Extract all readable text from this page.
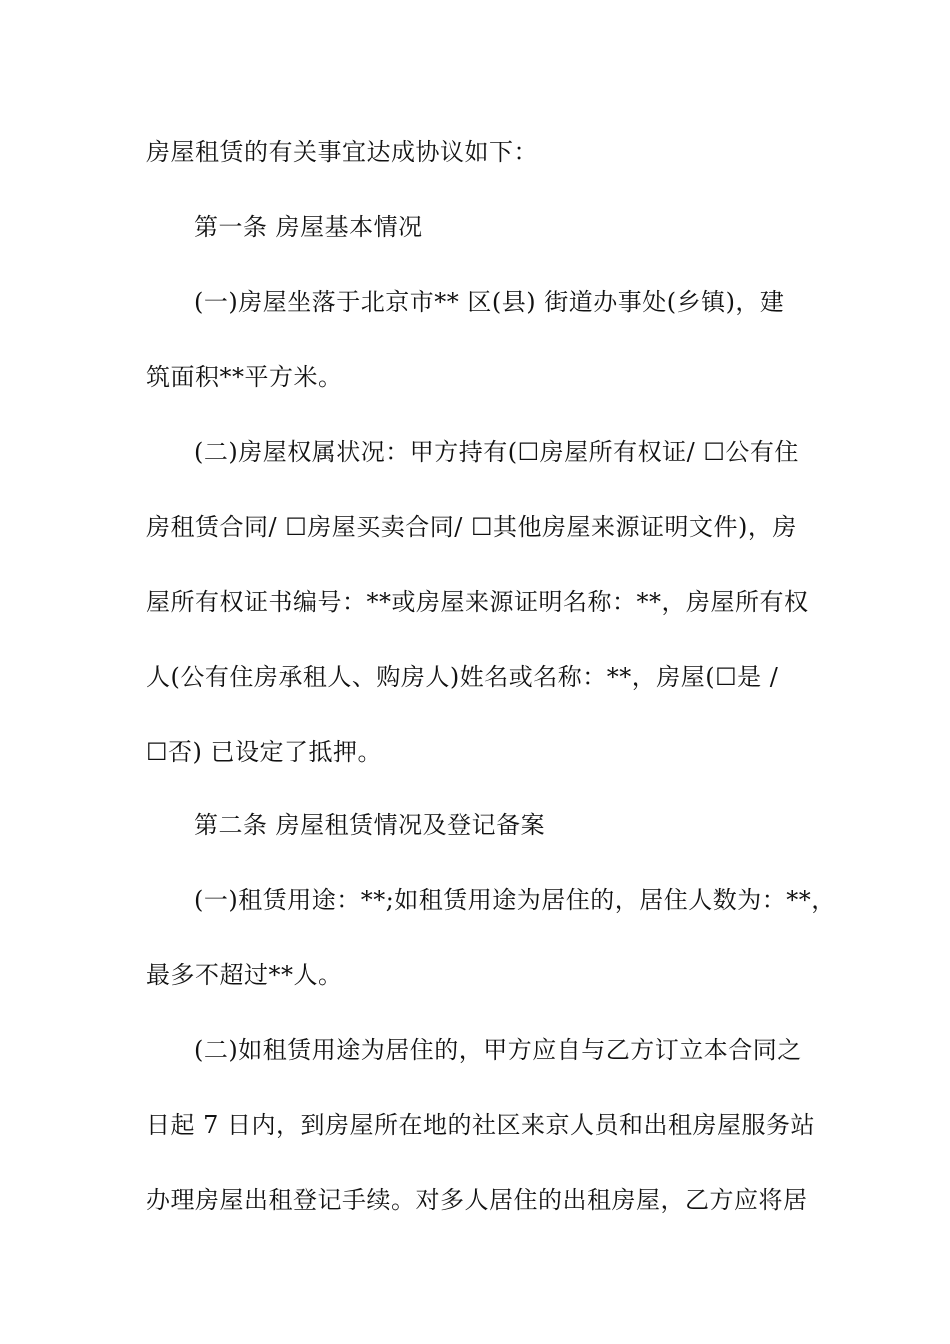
房屋租赁的有关事宜达成协议如下：
第一条 房屋基本情况
(一)房屋坐落于北京市** 区(县) 街道办事处(乡镇)，建
筑面积**平方米。
(二)房屋权属状况：甲方持有(☐房屋所有权证/ ☐公有住
房租赁合同/ ☐房屋买卖合同/ ☐其他房屋来源证明文件)，房
屋所有权证书编号：**或房屋来源证明名称：**，房屋所有权
人(公有住房承租人、购房人)姓名或名称：**，房屋(☐是 /
☐否) 已设定了抵押。
第二条 房屋租赁情况及登记备案
(一)租赁用途：**;如租赁用途为居住的，居住人数为：**，
最多不超过**人。
(二)如租赁用途为居住的，甲方应自与乙方订立本合同之
日起 7 日内，到房屋所在地的社区来京人员和出租房屋服务站
办理房屋出租登记手续。对多人居住的出租房屋，乙方应将居
